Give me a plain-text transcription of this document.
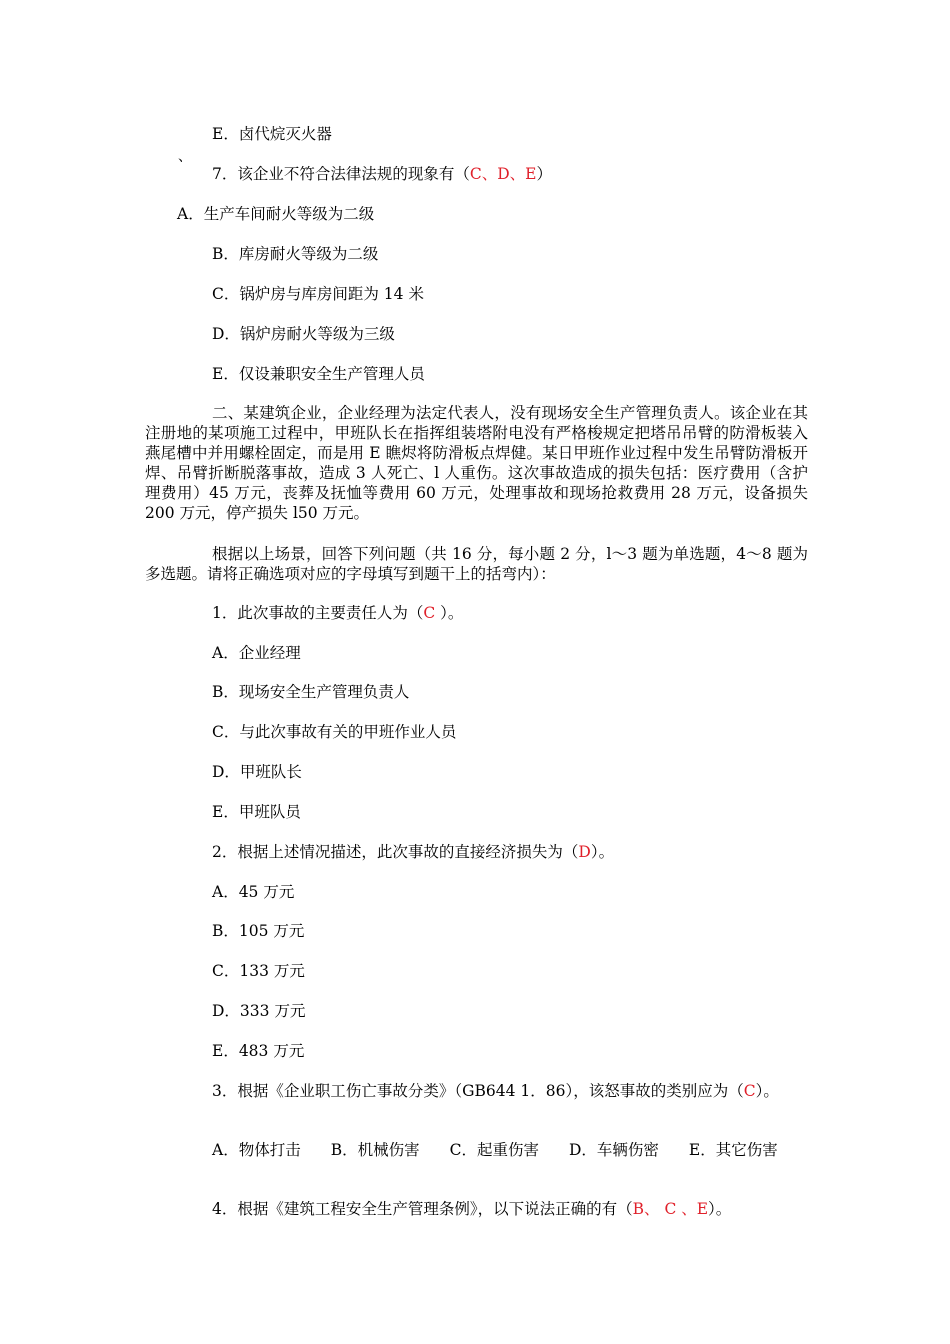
E．卤代烷灭火器
、
7．该企业不符合法律法规的现象有（C、D、E）
A．生产车间耐火等级为二级
B．库房耐火等级为二级
C．锅炉房与库房间距为 14 米
D．锅炉房耐火等级为三级
E．仅设兼职安全生产管理人员
二、某建筑企业，企业经理为法定代表人，没有现场安全生产管理负责人。该企业在其注册地的某项施工过程中，甲班队长在指挥组装塔附电没有严格梭规定把塔吊吊臂的防滑板装入燕尾槽中并用螺栓固定，而是用 E 瞧烬将防滑板点焊健。某日甲班作业过程中发生吊臂防滑板开焊、吊臂折断脱落事故，造成 3 人死亡、l 人重伤。这次事故造成的损失包括：医疗费用（含护理费用）45 万元，丧葬及抚恤等费用 60 万元，处理事故和现场抢救费用 28 万元，设备损失 200 万元，停产损失 l50 万元。
根据以上场景，回答下列问题（共 16 分，每小题 2 分，l～3 题为单选题，4～8 题为多选题。请将正确选项对应的字母填写到题干上的括弯内）：
1．此次事故的主要责任人为（C ）。
A．企业经理
B．现场安全生产管理负责人
C．与此次事故有关的甲班作业人员
D．甲班队长
E．甲班队员
2．根据上述情况描述，此次事故的直接经济损失为（D）。
A．45 万元
B．105 万元
C．133 万元
D．333 万元
E．483 万元
3．根据《企业职工伤亡事故分类》（GB644 1．86），该怒事故的类别应为（C）。
A．物体打击 B．机械伤害 C．起重伤害 D．车辆伤密 E．其它伤害
4．根据《建筑工程安全生产管理条例》，以下说法正确的有（B、 C 、E）。
